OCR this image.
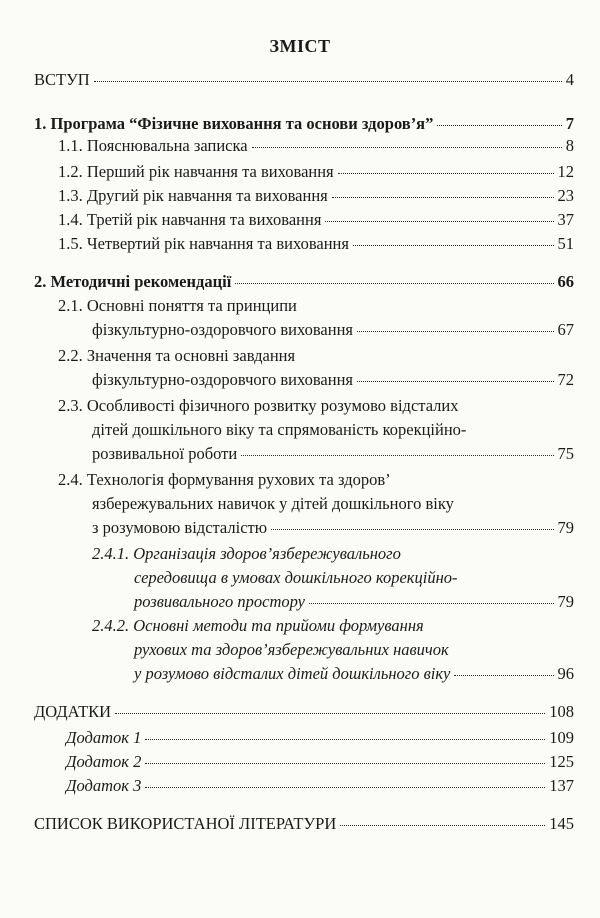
ЗМІСТ
ВСТУП	4
1. Програма “Фізичне виховання та основи здоров’я”	7
1.1. Пояснювальна записка	8
1.2. Перший рік навчання та виховання	12
1.3. Другий рік навчання та виховання	23
1.4. Третій рік навчання та виховання	37
1.5. Четвертий рік навчання та виховання	51
2. Методичні рекомендації	66
2.1. Основні поняття та принципи
фізкультурно-оздоровчого виховання	67
2.2. Значення та основні завдання
фізкультурно-оздоровчого виховання	72
2.3. Особливості фізичного розвитку розумово відсталих
дітей дошкільного віку та спрямованість корекційно-
розвивальної роботи	75
2.4. Технологія формування рухових та здоров’
язбережувальних навичок у дітей дошкільного віку
з розумовою відсталістю	79
2.4.1. Організація здоров’язбережувального
середовища в умовах дошкільного корекційно-
розвивального простору	79
2.4.2. Основні методи та прийоми формування
рухових та здоров’язбережувальних навичок
у розумово відсталих дітей дошкільного віку	96
ДОДАТКИ	108
Додаток 1	109
Додаток 2	125
Додаток 3	137
СПИСОК ВИКОРИСТАНОЇ ЛІТЕРАТУРИ	145
